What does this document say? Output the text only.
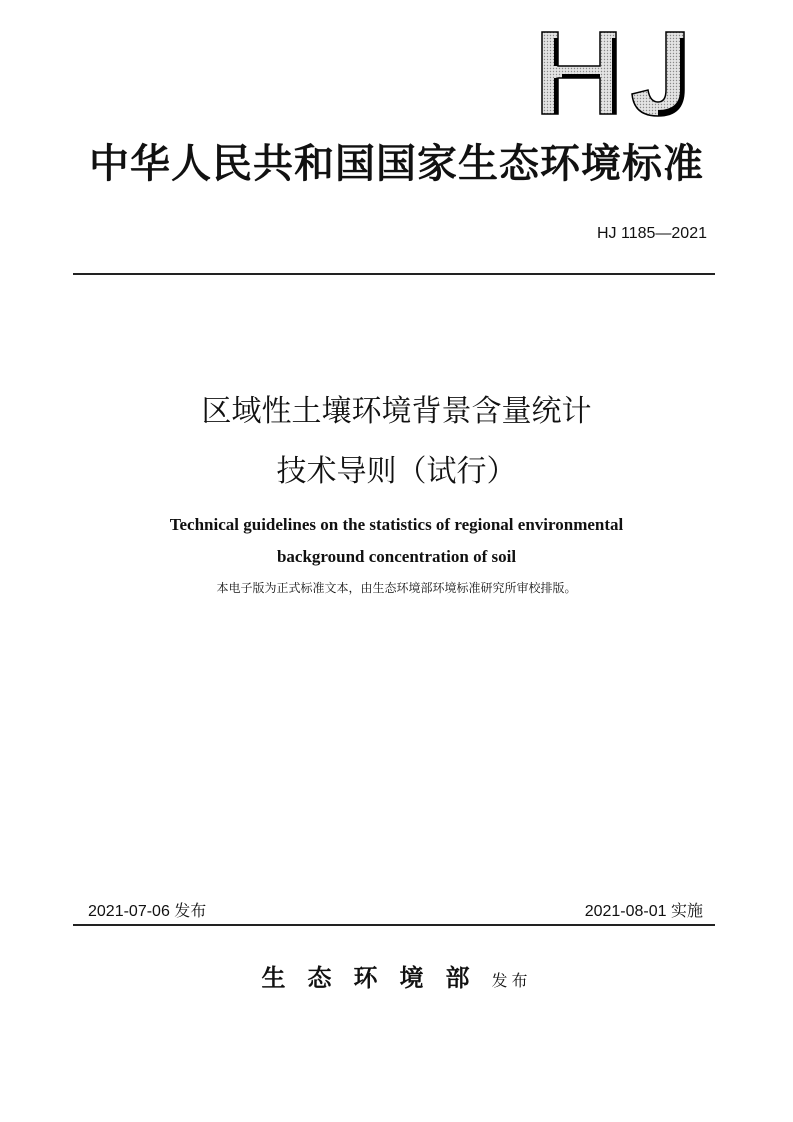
中华人民共和国国家生态环境标准
HJ 1185—2021
区域性土壤环境背景含量统计
技术导则（试行）
Technical guidelines on the statistics of regional environmental
background concentration of soil
本电子版为正式标准文本，由生态环境部环境标准研究所审校排版。
2021-07-06 发布	2021-08-01 实施
生态环境部发布
